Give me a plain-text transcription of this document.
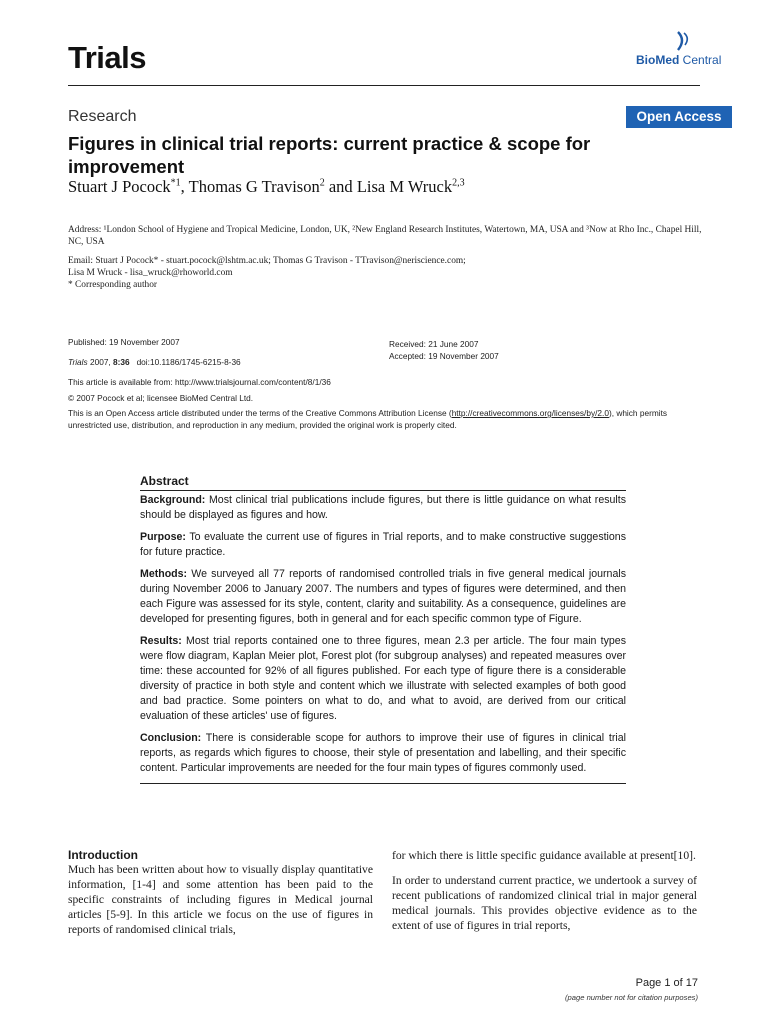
Trials	BioMed Central
Research	Open Access
Figures in clinical trial reports: current practice & scope for improvement
Stuart J Pocock$^{*1}$, Thomas G Travison$^2$ and Lisa M Wruck$^{2,3}$
Address: ¹London School of Hygiene and Tropical Medicine, London, UK, ²New England Research Institutes, Watertown, MA, USA and ³Now at Rho Inc., Chapel Hill, NC, USA
Email: Stuart J Pocock* - stuart.pocock@lshtm.ac.uk; Thomas G Travison - TTravison@neriscience.com;
Lisa M Wruck - lisa_wruck@rhoworld.com
* Corresponding author
Published: 19 November 2007
Trials 2007, 8:36   doi:10.1186/1745-6215-8-36
This article is available from: http://www.trialsjournal.com/content/8/1/36
Received: 21 June 2007
Accepted: 19 November 2007
© 2007 Pocock et al; licensee BioMed Central Ltd.
This is an Open Access article distributed under the terms of the Creative Commons Attribution License (http://creativecommons.org/licenses/by/2.0), which permits unrestricted use, distribution, and reproduction in any medium, provided the original work is properly cited.
Abstract

Background: Most clinical trial publications include figures, but there is little guidance on what results should be displayed as figures and how.

Purpose: To evaluate the current use of figures in Trial reports, and to make constructive suggestions for future practice.

Methods: We surveyed all 77 reports of randomised controlled trials in five general medical journals during November 2006 to January 2007. The numbers and types of figures were determined, and then each Figure was assessed for its style, content, clarity and suitability. As a consequence, guidelines are developed for presenting figures, both in general and for each specific common type of Figure.

Results: Most trial reports contained one to three figures, mean 2.3 per article. The four main types were flow diagram, Kaplan Meier plot, Forest plot (for subgroup analyses) and repeated measures over time: these accounted for 92% of all figures published. For each type of figure there is a considerable diversity of practice in both style and content which we illustrate with selected examples of both good and bad practice. Some pointers on what to do, and what to avoid, are derived from our critical evaluation of these articles' use of figures.

Conclusion: There is considerable scope for authors to improve their use of figures in clinical trial reports, as regards which figures to choose, their style of presentation and labelling, and their specific content. Particular improvements are needed for the four main types of figures commonly used.

Introduction

Much has been written about how to visually display quantitative information, [1-4] and some attention has been paid to the specific constraints of including figures in Medical journal articles [5-9]. In this article we focus on the use of figures in reports of randomised clinical trials,

for which there is little specific guidance available at present[10].

In order to understand current practice, we undertook a survey of recent publications of randomized clinical trial in major general medical journals. This provides objective evidence as to the extent of use of figures in trial reports,

Page 1 of 17
(page number not for citation purposes)
